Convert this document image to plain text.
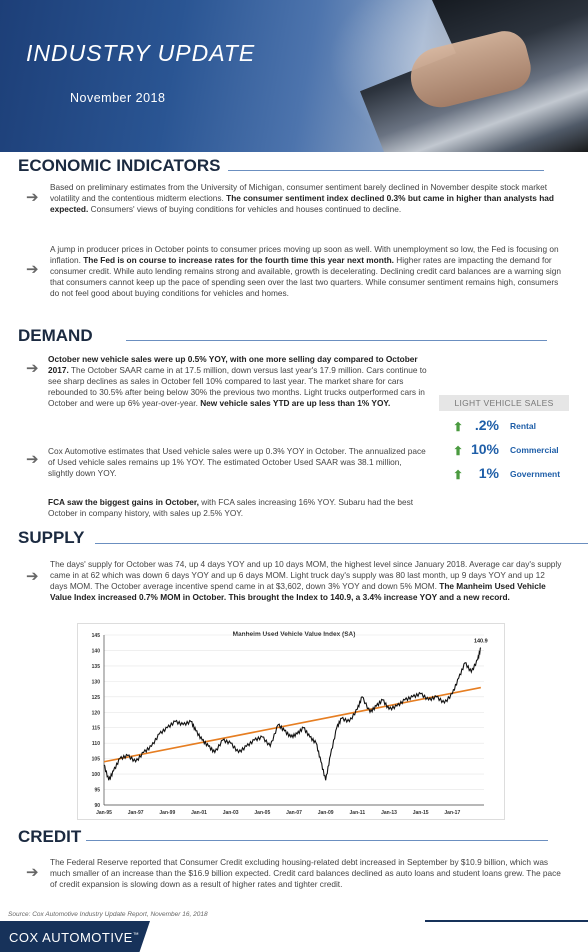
INDUSTRY UPDATE
November 2018
ECONOMIC INDICATORS
➔
Based on preliminary estimates from the University of Michigan, consumer sentiment barely declined in November despite stock market volatility and the contentious midterm elections. The consumer sentiment index declined 0.3% but came in higher than analysts had expected. Consumers' views of buying conditions for vehicles and houses continued to decline.
➔
A jump in producer prices in October points to consumer prices moving up soon as well. With unemployment so low, the Fed is focusing on inflation. The Fed is on course to increase rates for the fourth time this year next month. Higher rates are impacting the demand for consumer credit. While auto lending remains strong and available, growth is decelerating. Declining credit card balances are a warning sign that consumers cannot keep up the pace of spending seen over the last two quarters. While consumer sentiment remains high, consumers do not feel good about buying conditions for vehicles and homes.
DEMAND
➔
October new vehicle sales were up 0.5% YOY, with one more selling day compared to October 2017. The October SAAR came in at 17.5 million, down versus last year's 17.9 million. Cars continue to see sharp declines as sales in October fell 10% compared to last year. The market share for cars rebounded to 30.5% after being below 30% the previous two months. Light trucks outperformed cars in October and were up 6% year-over-year. New vehicle sales YTD are up less than 1% YOY.
➔	Cox Automotive estimates that Used vehicle sales were up 0.3% YOY in October. The annualized pace of Used vehicle sales remains up 1% YOY. The estimated October Used SAAR was 38.1 million, slightly down YOY.
FCA saw the biggest gains in October, with FCA sales increasing 16% YOY. Subaru had the best October in company history, with sales up 2.5% YOY.
LIGHT VEHICLE SALES
⬆ .2% Rental
⬆ 10% Commercial
⬆ 1% Government
SUPPLY
➔
The days' supply for October was 74, up 4 days YOY and up 10 days MOM, the highest level since January 2018. Average car day's supply came in at 62 which was down 6 days YOY and up 6 days MOM. Light truck day's supply was 80 last month, up 9 days YOY and up 12 days MOM. The October average incentive spend came in at $3,602, down 3% YOY and down 5% MOM. The Manheim Used Vehicle Value Index increased 0.7% MOM in October. This brought the Index to 140.9, a 3.4% increase YOY and a new record.
Manheim Used Vehicle Value Index (SA)
90
95
100
105
110
115
120
125
130
135
140
145
Jan-95	Jan-97	Jan-99	Jan-01	Jan-03	Jan-05	Jan-07	Jan-09	Jan-11	Jan-13	Jan-15	Jan-17
140.9
CREDIT
➔
The Federal Reserve reported that Consumer Credit excluding housing-related debt increased in September by $10.9 billion, which was much smaller of an increase than the $16.9 billion expected. Credit card balances declined as auto loans and student loans grew. The pace of credit expansion is slowing down as a result of higher rates and tighter credit.
Source: Cox Automotive Industry Update Report, November 16, 2018
COX AUTOMOTIVE™
